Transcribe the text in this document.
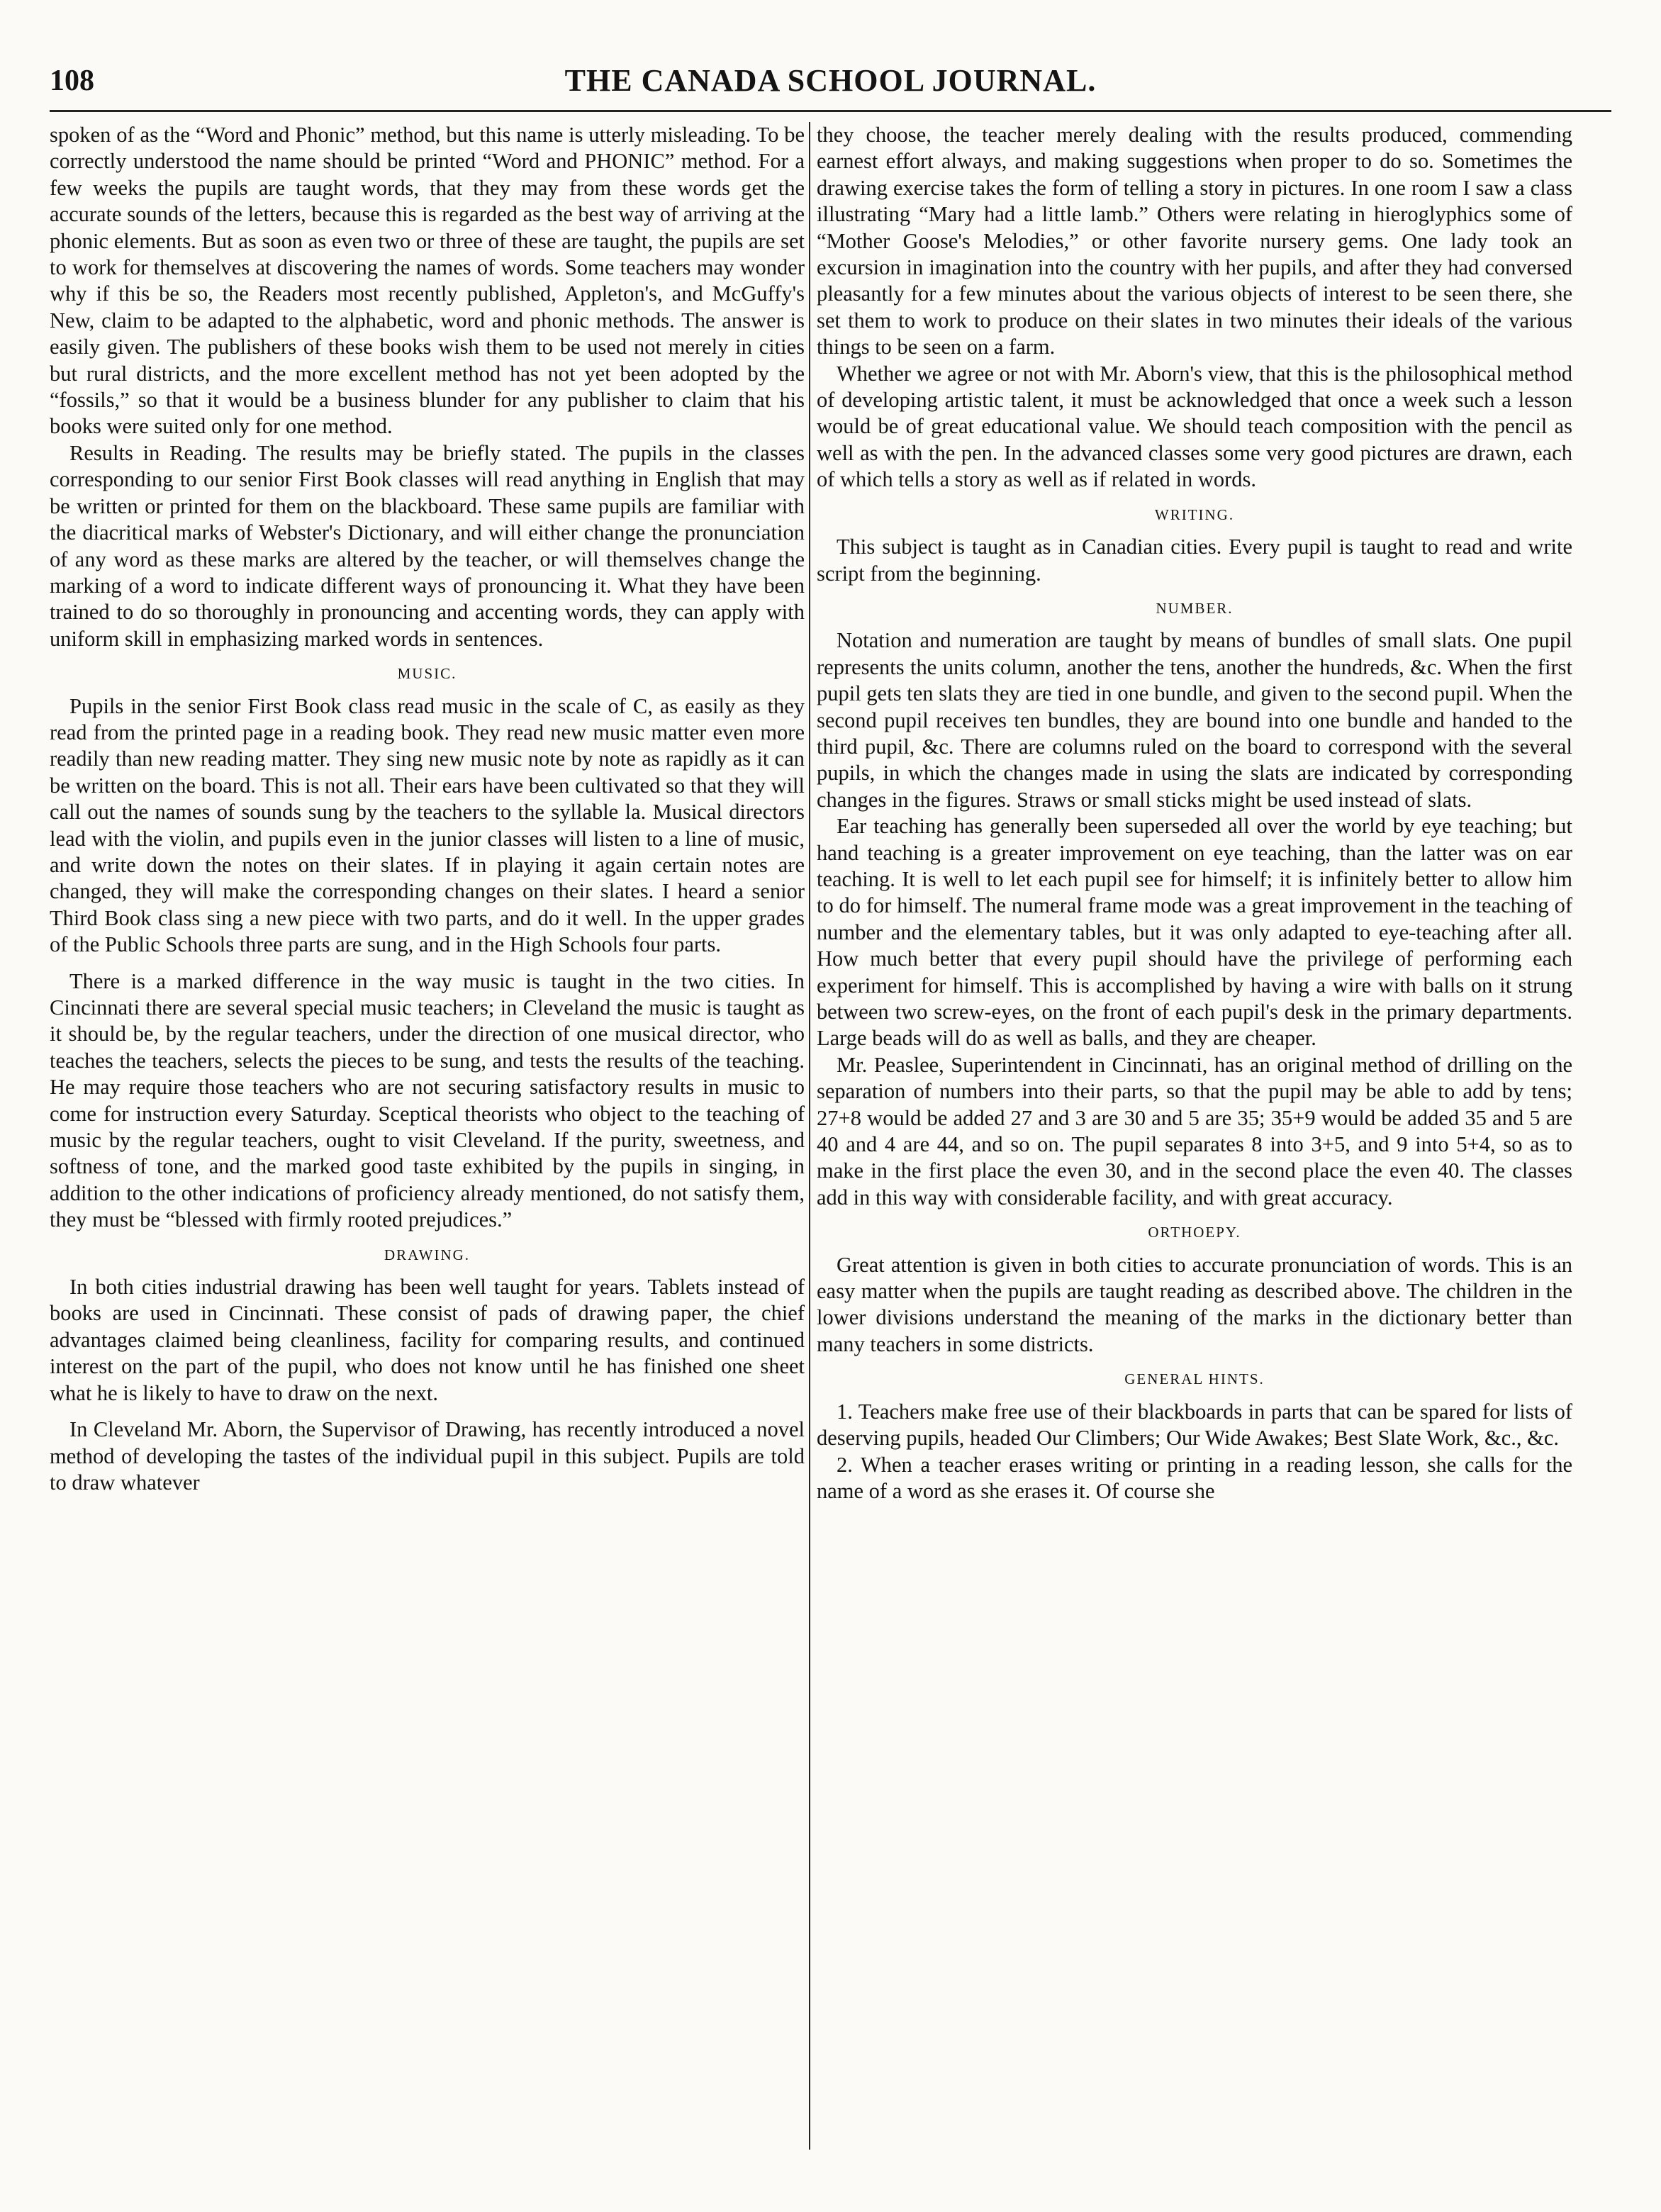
108	THE CANADA SCHOOL JOURNAL.

spoken of as the “Word and Phonic” method, but this name is utterly misleading. To be correctly understood the name should be printed “Word and PHONIC” method. For a few weeks the pupils are taught words, that they may from these words get the accurate sounds of the letters, because this is regarded as the best way of arriving at the phonic elements. But as soon as even two or three of these are taught, the pupils are set to work for themselves at discovering the names of words. Some teachers may wonder why if this be so, the Readers most recently published, Appleton's, and McGuffy's New, claim to be adapted to the alphabetic, word and phonic methods. The answer is easily given. The publishers of these books wish them to be used not merely in cities but rural districts, and the more excellent method has not yet been adopted by the “fossils,” so that it would be a business blunder for any publisher to claim that his books were suited only for one method.

Results in Reading. The results may be briefly stated. The pupils in the classes corresponding to our senior First Book classes will read anything in English that may be written or printed for them on the blackboard. These same pupils are familiar with the diacritical marks of Webster's Dictionary, and will either change the pronunciation of any word as these marks are altered by the teacher, or will themselves change the marking of a word to indicate different ways of pronouncing it. What they have been trained to do so thoroughly in pronouncing and accenting words, they can apply with uniform skill in emphasizing marked words in sentences.

MUSIC.

Pupils in the senior First Book class read music in the scale of C, as easily as they read from the printed page in a reading book. They read new music matter even more readily than new reading matter. They sing new music note by note as rapidly as it can be written on the board. This is not all. Their ears have been cultivated so that they will call out the names of sounds sung by the teachers to the syllable la. Musical directors lead with the violin, and pupils even in the junior classes will listen to a line of music, and write down the notes on their slates. If in playing it again certain notes are changed, they will make the corresponding changes on their slates. I heard a senior Third Book class sing a new piece with two parts, and do it well. In the upper grades of the Public Schools three parts are sung, and in the High Schools four parts.

There is a marked difference in the way music is taught in the two cities. In Cincinnati there are several special music teachers; in Cleveland the music is taught as it should be, by the regular teachers, under the direction of one musical director, who teaches the teachers, selects the pieces to be sung, and tests the results of the teaching. He may require those teachers who are not securing satisfactory results in music to come for instruction every Saturday. Sceptical theorists who object to the teaching of music by the regular teachers, ought to visit Cleveland. If the purity, sweetness, and softness of tone, and the marked good taste exhibited by the pupils in singing, in addition to the other indications of proficiency already mentioned, do not satisfy them, they must be “blessed with firmly rooted prejudices.”

DRAWING.

In both cities industrial drawing has been well taught for years. Tablets instead of books are used in Cincinnati. These consist of pads of drawing paper, the chief advantages claimed being cleanliness, facility for comparing results, and continued interest on the part of the pupil, who does not know until he has finished one sheet what he is likely to have to draw on the next.

In Cleveland Mr. Aborn, the Supervisor of Drawing, has recently introduced a novel method of developing the tastes of the individual pupil in this subject. Pupils are told to draw whatever

they choose, the teacher merely dealing with the results produced, commending earnest effort always, and making suggestions when proper to do so. Sometimes the drawing exercise takes the form of telling a story in pictures. In one room I saw a class illustrating “Mary had a little lamb.” Others were relating in hieroglyphics some of “Mother Goose's Melodies,” or other favorite nursery gems. One lady took an excursion in imagination into the country with her pupils, and after they had conversed pleasantly for a few minutes about the various objects of interest to be seen there, she set them to work to produce on their slates in two minutes their ideals of the various things to be seen on a farm.

Whether we agree or not with Mr. Aborn's view, that this is the philosophical method of developing artistic talent, it must be acknowledged that once a week such a lesson would be of great educational value. We should teach composition with the pencil as well as with the pen. In the advanced classes some very good pictures are drawn, each of which tells a story as well as if related in words.

WRITING.

This subject is taught as in Canadian cities. Every pupil is taught to read and write script from the beginning.

NUMBER.

Notation and numeration are taught by means of bundles of small slats. One pupil represents the units column, another the tens, another the hundreds, &c. When the first pupil gets ten slats they are tied in one bundle, and given to the second pupil. When the second pupil receives ten bundles, they are bound into one bundle and handed to the third pupil, &c. There are columns ruled on the board to correspond with the several pupils, in which the changes made in using the slats are indicated by corresponding changes in the figures. Straws or small sticks might be used instead of slats.

Ear teaching has generally been superseded all over the world by eye teaching; but hand teaching is a greater improvement on eye teaching, than the latter was on ear teaching. It is well to let each pupil see for himself; it is infinitely better to allow him to do for himself. The numeral frame mode was a great improvement in the teaching of number and the elementary tables, but it was only adapted to eye-teaching after all. How much better that every pupil should have the privilege of performing each experiment for himself. This is accomplished by having a wire with balls on it strung between two screw-eyes, on the front of each pupil's desk in the primary departments. Large beads will do as well as balls, and they are cheaper.

Mr. Peaslee, Superintendent in Cincinnati, has an original method of drilling on the separation of numbers into their parts, so that the pupil may be able to add by tens; 27+8 would be added 27 and 3 are 30 and 5 are 35; 35+9 would be added 35 and 5 are 40 and 4 are 44, and so on. The pupil separates 8 into 3+5, and 9 into 5+4, so as to make in the first place the even 30, and in the second place the even 40. The classes add in this way with considerable facility, and with great accuracy.

ORTHOEPY.

Great attention is given in both cities to accurate pronunciation of words. This is an easy matter when the pupils are taught reading as described above. The children in the lower divisions understand the meaning of the marks in the dictionary better than many teachers in some districts.

GENERAL HINTS.

1. Teachers make free use of their blackboards in parts that can be spared for lists of deserving pupils, headed Our Climbers; Our Wide Awakes; Best Slate Work, &c., &c.

2. When a teacher erases writing or printing in a reading lesson, she calls for the name of a word as she erases it. Of course she
